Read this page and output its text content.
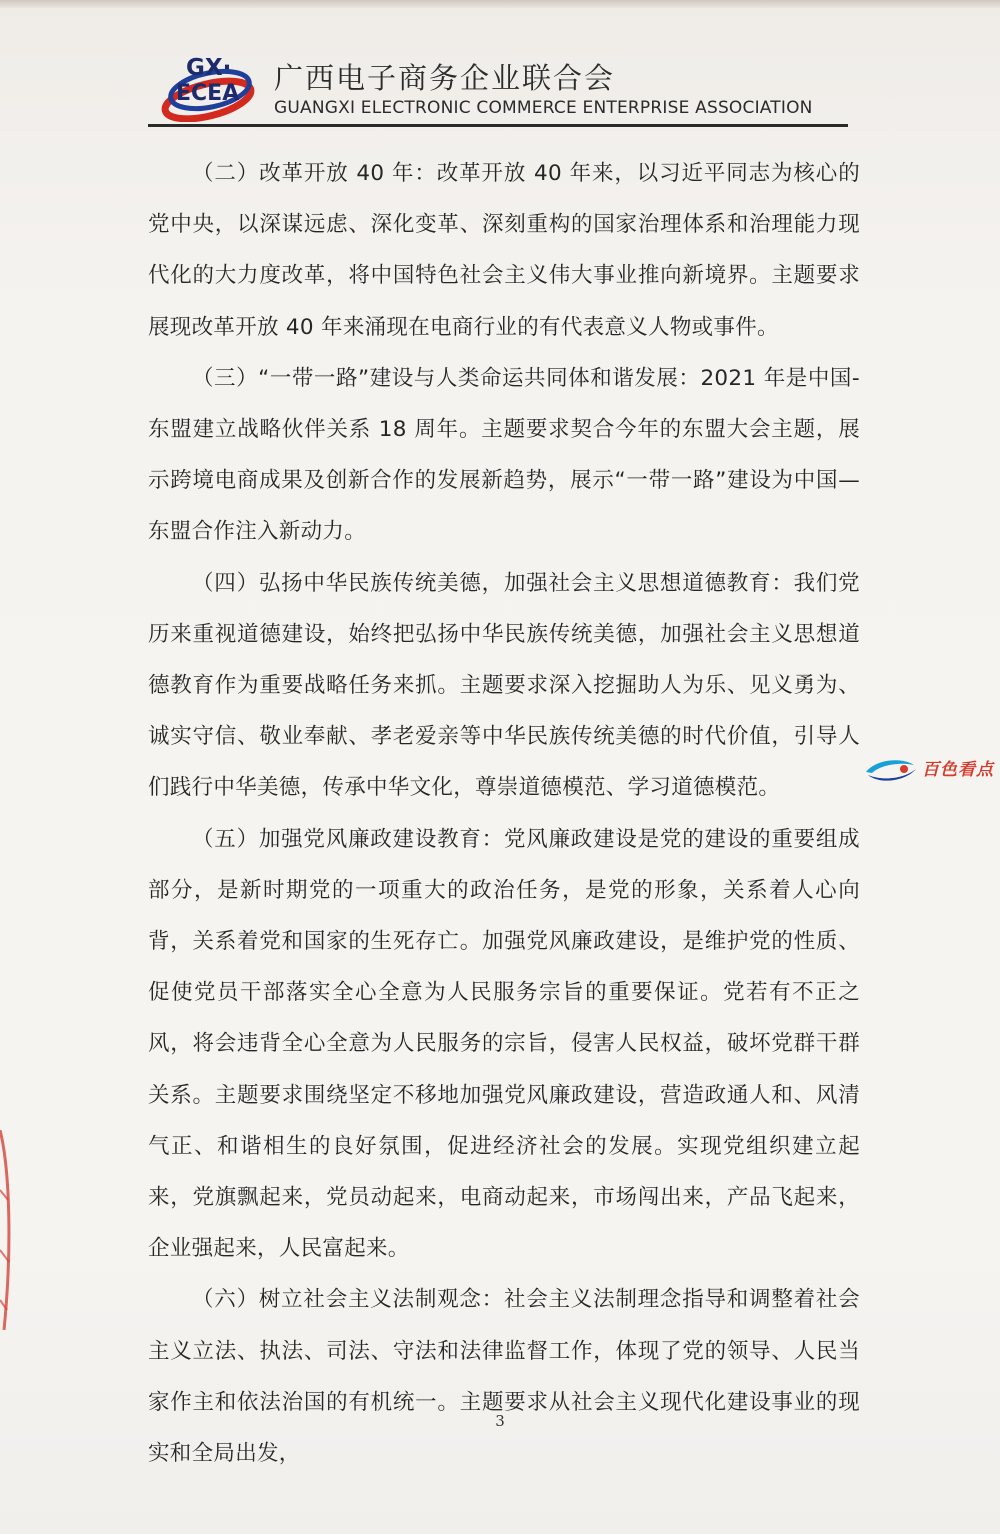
GX·
ECEA 广西电子商务企业联合会
GUANGXI ELECTRONIC COMMERCE ENTERPRISE ASSOCIATION

（二）改革开放 40 年：改革开放 40 年来，以习近平同志为核心的党中央，以深谋远虑、深化变革、深刻重构的国家治理体系和治理能力现代化的大力度改革，将中国特色社会主义伟大事业推向新境界。主题要求展现改革开放 40 年来涌现在电商行业的有代表意义人物或事件。

（三）“一带一路”建设与人类命运共同体和谐发展：2021 年是中国-东盟建立战略伙伴关系 18 周年。主题要求契合今年的东盟大会主题，展示跨境电商成果及创新合作的发展新趋势，展示“一带一路”建设为中国—东盟合作注入新动力。

（四）弘扬中华民族传统美德，加强社会主义思想道德教育：我们党历来重视道德建设，始终把弘扬中华民族传统美德，加强社会主义思想道德教育作为重要战略任务来抓。主题要求深入挖掘助人为乐、见义勇为、诚实守信、敬业奉献、孝老爱亲等中华民族传统美德的时代价值，引导人们践行中华美德，传承中华文化，尊崇道德模范、学习道德模范。

（五）加强党风廉政建设教育：党风廉政建设是党的建设的重要组成部分，是新时期党的一项重大的政治任务，是党的形象，关系着人心向背，关系着党和国家的生死存亡。加强党风廉政建设，是维护党的性质、促使党员干部落实全心全意为人民服务宗旨的重要保证。党若有不正之风，将会违背全心全意为人民服务的宗旨，侵害人民权益，破坏党群干群关系。主题要求围绕坚定不移地加强党风廉政建设，营造政通人和、风清气正、和谐相生的良好氛围，促进经济社会的发展。实现党组织建立起来，党旗飘起来，党员动起来，电商动起来，市场闯出来，产品飞起来，企业强起来，人民富起来。

（六）树立社会主义法制观念：社会主义法制理念指导和调整着社会主义立法、执法、司法、守法和法律监督工作，体现了党的领导、人民当家作主和依法治国的有机统一。主题要求从社会主义现代化建设事业的现实和全局出发，

3
百色看点
